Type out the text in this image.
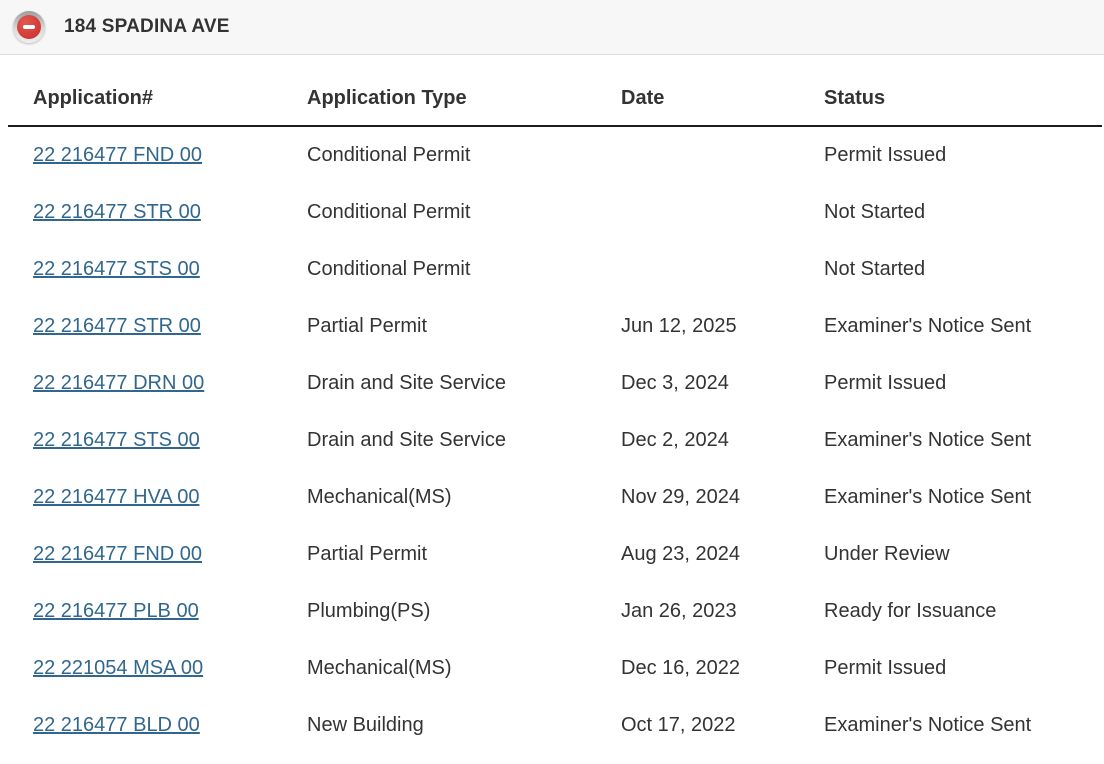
184 SPADINA AVE
Application#	Application Type	Date	Status
22 216477 FND 00	Conditional Permit		Permit Issued
22 216477 STR 00	Conditional Permit		Not Started
22 216477 STS 00	Conditional Permit		Not Started
22 216477 STR 00	Partial Permit	Jun 12, 2025	Examiner's Notice Sent
22 216477 DRN 00	Drain and Site Service	Dec 3, 2024	Permit Issued
22 216477 STS 00	Drain and Site Service	Dec 2, 2024	Examiner's Notice Sent
22 216477 HVA 00	Mechanical(MS)	Nov 29, 2024	Examiner's Notice Sent
22 216477 FND 00	Partial Permit	Aug 23, 2024	Under Review
22 216477 PLB 00	Plumbing(PS)	Jan 26, 2023	Ready for Issuance
22 221054 MSA 00	Mechanical(MS)	Dec 16, 2022	Permit Issued
22 216477 BLD 00	New Building	Oct 17, 2022	Examiner's Notice Sent
